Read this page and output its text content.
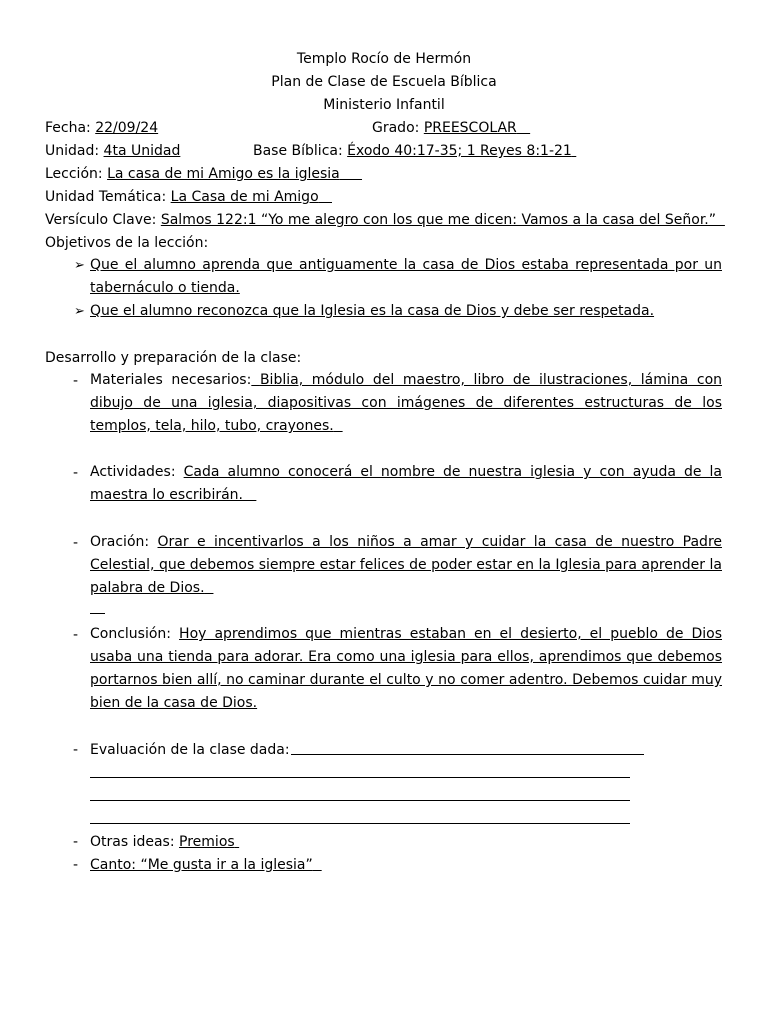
Templo Rocío de Hermón
Plan de Clase de Escuela Bíblica
Ministerio Infantil
Fecha: 22/09/24	Grado: PREESCOLAR
Unidad: 4ta Unidad	Base Bíblica: Éxodo 40:17-35; 1 Reyes 8:1-21
Lección: La casa de mi Amigo es la iglesia
Unidad Temática: La Casa de mi Amigo
Versículo Clave: Salmos 122:1 “Yo me alegro con los que me dicen: Vamos a la casa del Señor.”
Objetivos de la lección:
➢ Que el alumno aprenda que antiguamente la casa de Dios estaba representada por un tabernáculo o tienda.
➢ Que el alumno reconozca que la Iglesia es la casa de Dios y debe ser respetada.
Desarrollo y preparación de la clase:
- Materiales necesarios: Biblia, módulo del maestro, libro de ilustraciones, lámina con dibujo de una iglesia, diapositivas con imágenes de diferentes estructuras de los templos, tela, hilo, tubo, crayones.
- Actividades: Cada alumno conocerá el nombre de nuestra iglesia y con ayuda de la maestra lo escribirán.
- Oración: Orar e incentivarlos a los niños a amar y cuidar la casa de nuestro Padre Celestial, que debemos siempre estar felices de poder estar en la Iglesia para aprender la palabra de Dios.
- Conclusión: Hoy aprendimos que mientras estaban en el desierto, el pueblo de Dios usaba una tienda para adorar. Era como una iglesia para ellos, aprendimos que debemos portarnos bien allí, no caminar durante el culto y no comer adentro. Debemos cuidar muy bien de la casa de Dios.
- Evaluación de la clase dada:
- Otras ideas: Premios
- Canto: “Me gusta ir a la iglesia”
